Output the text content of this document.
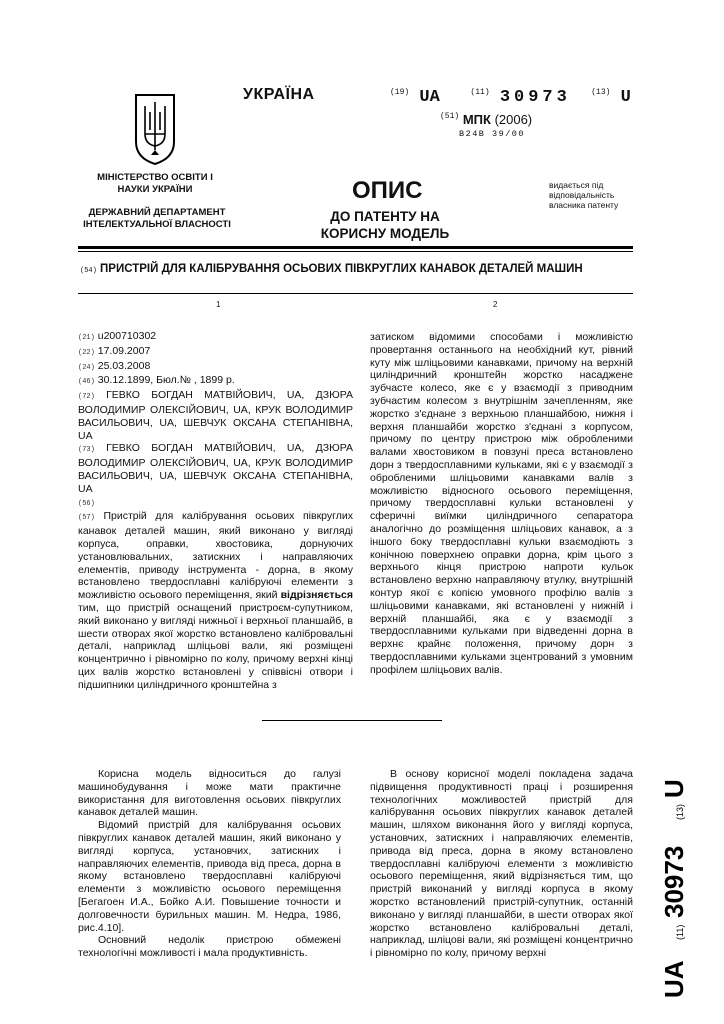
УКРАЇНА
МІНІСТЕРСТВО ОСВІТИ І НАУКИ УКРАЇНИ
ДЕРЖАВНИЙ ДЕПАРТАМЕНТ ІНТЕЛЕКТУАЛЬНОЇ ВЛАСНОСТІ
$^{(19)}$ UA	$^{(11)}$ 30973	$^{(13)}$ U
$^{(51)}$ МПК (2006)
B24B 39/00
ОПИС
ДО ПАТЕНТУ НА КОРИСНУ МОДЕЛЬ
видається під відповідальність власника патенту
(54) ПРИСТРІЙ ДЛЯ КАЛІБРУВАННЯ ОСЬОВИХ ПІВКРУГЛИХ КАНАВОК ДЕТАЛЕЙ МАШИН
1	2
(21) u200710302
(22) 17.09.2007
(24) 25.03.2008
(46) 30.12.1899, Бюл.№ , 1899 р.
(72) ГЕВКО БОГДАН МАТВІЙОВИЧ, UA, ДЗЮРА ВОЛОДИМИР ОЛЕКСІЙОВИЧ, UA, КРУК ВОЛОДИМИР ВАСИЛЬОВИЧ, UA, ШЕВЧУК ОКСАНА СТЕПАНІВНА, UA
(73) ГЕВКО БОГДАН МАТВІЙОВИЧ, UA, ДЗЮРА ВОЛОДИМИР ОЛЕКСІЙОВИЧ, UA, КРУК ВОЛОДИМИР ВАСИЛЬОВИЧ, UA, ШЕВЧУК ОКСАНА СТЕПАНІВНА, UA
(56)
(57) Пристрій для калібрування осьових півкруглих канавок деталей машин, який виконано у вигляді корпуса, оправки, хвостовика, дорнуючих установлювальних, затискних і направляючих елементів, приводу інструмента - дорна, в якому встановлено твердосплавні калібруючі елементи з можливістю осьового переміщення, який відрізняється тим, що пристрій оснащений пристроєм-супутником, який виконано у вигляді нижньої і верхньої планшайб, в шести отворах якої жорстко встановлено калібровальні деталі, наприклад шліцьові вали, які розміщені концентрично і рівномірно по колу, причому верхні кінці цих валів жорстко встановлені у співвісні отвори і підшипники циліндричного кронштейна з
затиском відомими способами і можливістю провертання останнього на необхідний кут, рівний куту між шліцьовими канавками, причому на верхній циліндричний кронштейн жорстко насаджене зубчасте колесо, яке є у взаємодії з приводним зубчастим колесом з внутрішнім зачепленням, яке жорстко з'єднане з верхньою планшайбою, нижня і верхня планшайби жорстко з'єднані з корпусом, причому по центру пристрою між обробленими валами хвостовиком в повзуні преса встановлено дорн з твердосплавними кульками, які є у взаємодії з обробленими шліцьовими канавками валів з можливістю відносного осьового переміщення, причому твердосплавні кульки встановлені у сферичні виїмки циліндричного сепаратора аналогічно до розміщення шліцьових канавок, а з іншого боку твердосплавні кульки взаємодіють з конічною поверхнею оправки дорна, крім цього з верхнього кінця пристрою напроти кульок встановлено верхню направляючу втулку, внутрішній контур якої є копією умовного профілю валів з шліцьовими канавками, які встановлені у нижній і верхній планшайбі, яка є у взаємодії з твердосплавними кульками при відведенні дорна в верхнє крайнє положення, причому дорн з твердосплавними кульками зцентрований з умовним профілем шліцьових валів.

Корисна модель відноситься до галузі машинобудування і може мати практичне використання для виготовлення осьових півкруглих канавок деталей машин.

Відомий пристрій для калібрування осьових півкруглих канавок деталей машин, який виконано у вигляді корпуса, установчих, затискних і направляючих елементів, привода від преса, дорна в якому встановлено твердосплавні калібруючі елементи з можливістю осьового переміщення [Бегагоен И.А., Бойко А.И. Повышение точности и долговечности бурильных машин. М. Недра, 1986, рис.4.10].

Основний недолік пристрою обмежені технологічні можливості і мала продуктивність.

В основу корисної моделі покладена задача підвищення продуктивності праці і розширення технологічних можливостей пристрій для калібрування осьових півкруглих канавок деталей машин, шляхом виконання його у вигляді корпуса, установчих, затискних і направляючих елементів, привода від преса, дорна в якому встановлено твердосплавні калібруючі елементи з можливістю осьового переміщення, який відрізняється тим, що пристрій виконаний у вигляді корпуса в якому жорстко встановлений пристрій-супутник, останній виконано у вигляді планшайби, в шести отворах якої жорстко встановлено калібровальні деталі, наприклад, шліцові вали, які розміщені концентрично і рівномірно по колу, причому верхні

UA
(11)
30973
(13)
U
